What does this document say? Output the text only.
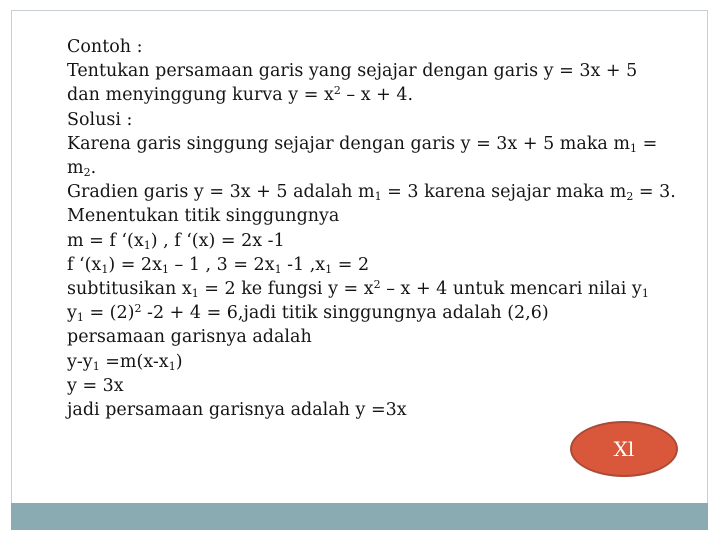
Contoh :
Tentukan persamaan garis yang sejajar dengan garis y = 3x + 5
dan menyinggung kurva $y = x^2 - x + 4$.
Solusi :
Karena garis singgung sejajar dengan garis y = 3x + 5 maka $m_1$ =
$m_2$.
Gradien garis y = 3x + 5 adalah $m_1 = 3$ karena sejajar maka $m_2 = 3$.
Menentukan titik singgungnya
m = f ‘$(x_1)$ , f ‘(x) = 2x -1
f ‘$(x_1) = 2x_1 - 1$ , $3 = 2x_1$ -1 $,x_1 = 2$
subtitusikan $x_1 = 2$ ke fungsi $y = x^2 - x + 4$ untuk mencari nilai $y_1$
$y_1 = (2)^2$ -2 + 4 = 6,jadi titik singgungnya adalah (2,6)
persamaan garisnya adalah
$y-y_1 =m(x-x_1)$
y = 3x
jadi persamaan garisnya adalah y =3x
Xl
